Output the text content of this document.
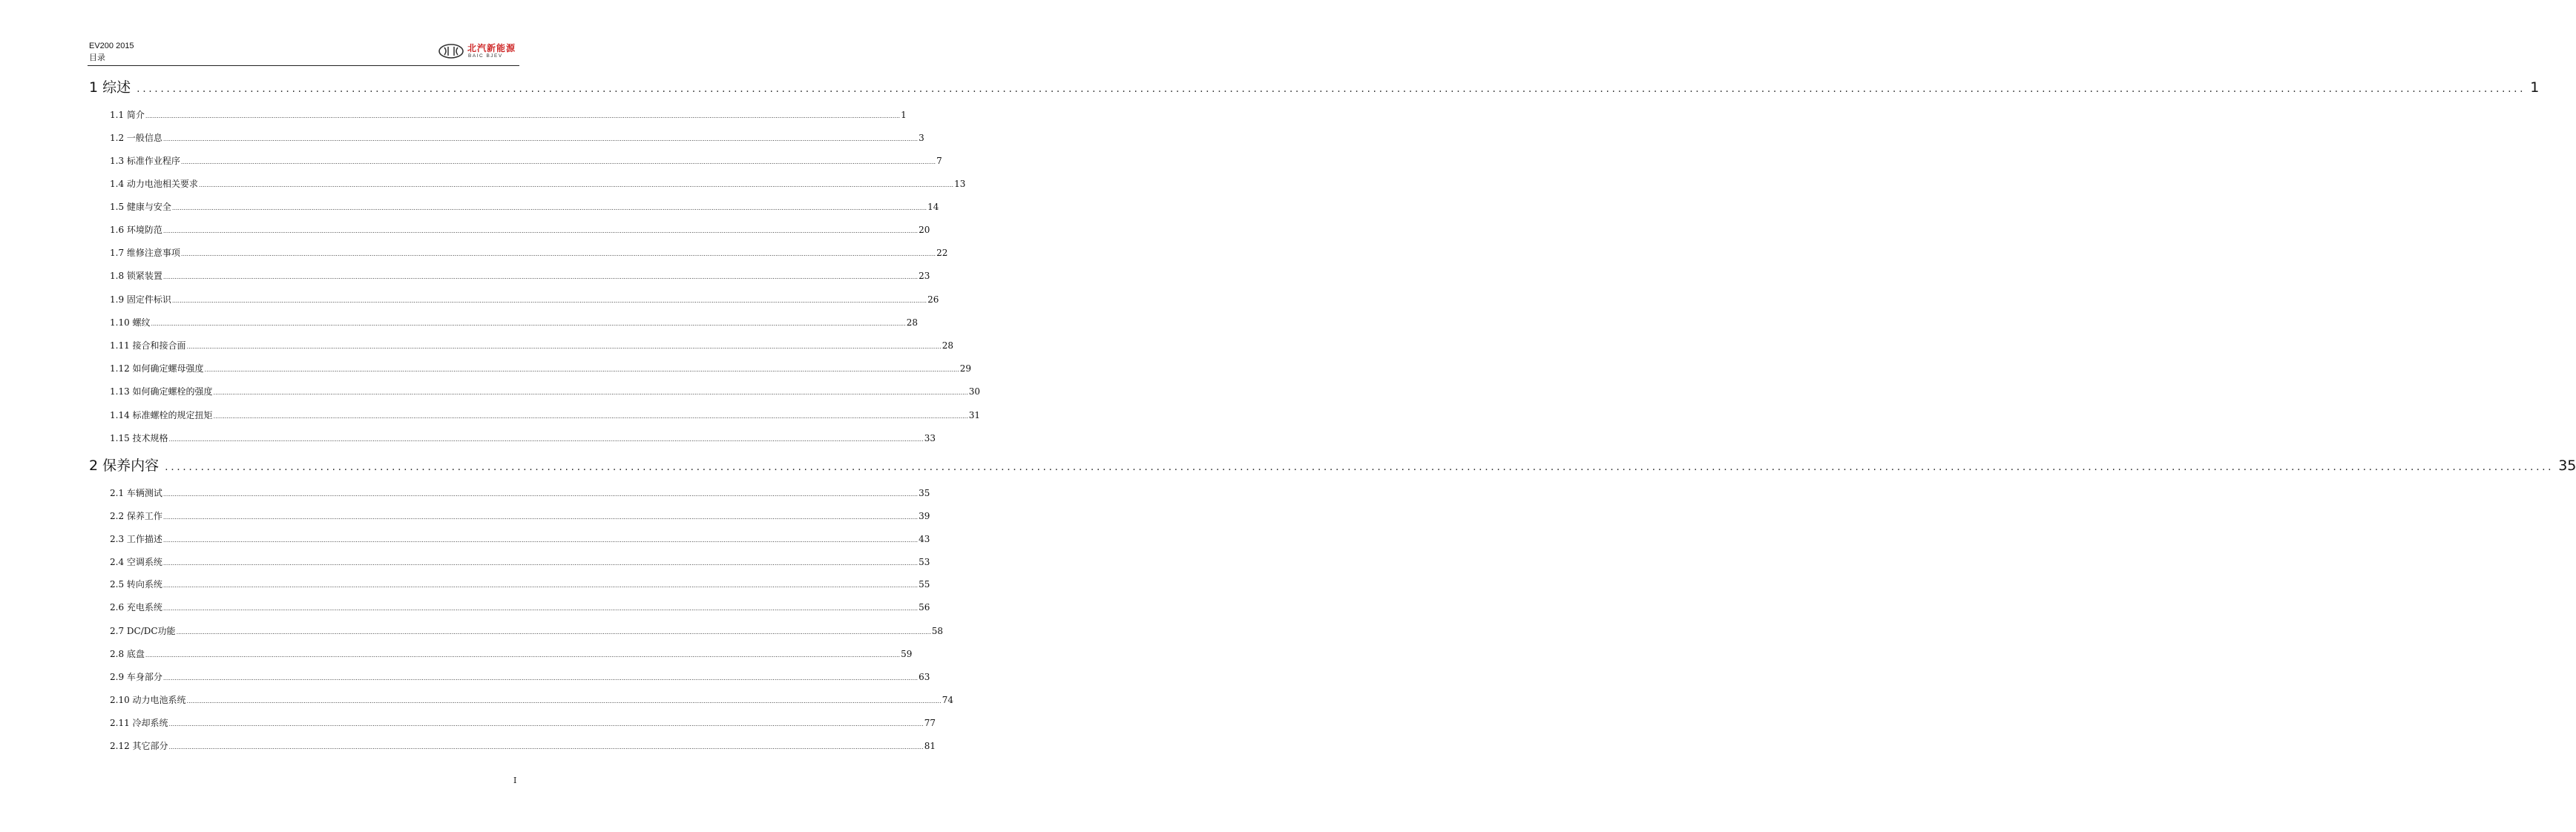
EV200 2015
目录
北汽新能源
BAIC BJEV
1 综述 ................................................................................................................................................................................................................................................................................................................................................................................................................ 1
1.1 简介 ................................................................................................................................................................................................................................................................................................................................................................................................................ 1
1.2 一般信息 ................................................................................................................................................................................................................................................................................................................................................................................................................ 3
1.3 标准作业程序 ................................................................................................................................................................................................................................................................................................................................................................................................................ 7
1.4 动力电池相关要求 ................................................................................................................................................................................................................................................................................................................................................................................................................ 13
1.5 健康与安全 ................................................................................................................................................................................................................................................................................................................................................................................................................ 14
1.6 环境防范 ................................................................................................................................................................................................................................................................................................................................................................................................................ 20
1.7 维修注意事项 ................................................................................................................................................................................................................................................................................................................................................................................................................ 22
1.8 锁紧装置 ................................................................................................................................................................................................................................................................................................................................................................................................................ 23
1.9 固定件标识 ................................................................................................................................................................................................................................................................................................................................................................................................................ 26
1.10 螺纹 ................................................................................................................................................................................................................................................................................................................................................................................................................ 28
1.11 接合和接合面 ................................................................................................................................................................................................................................................................................................................................................................................................................ 28
1.12 如何确定螺母强度 ................................................................................................................................................................................................................................................................................................................................................................................................................ 29
1.13 如何确定螺栓的强度 ................................................................................................................................................................................................................................................................................................................................................................................................................ 30
1.14 标准螺栓的规定扭矩 ................................................................................................................................................................................................................................................................................................................................................................................................................ 31
1.15 技术规格 ................................................................................................................................................................................................................................................................................................................................................................................................................ 33
2 保养内容 ................................................................................................................................................................................................................................................................................................................................................................................................................ 35
2.1 车辆测试 ................................................................................................................................................................................................................................................................................................................................................................................................................ 35
2.2 保养工作 ................................................................................................................................................................................................................................................................................................................................................................................................................ 39
2.3 工作描述 ................................................................................................................................................................................................................................................................................................................................................................................................................ 43
2.4 空调系统 ................................................................................................................................................................................................................................................................................................................................................................................................................ 53
2.5 转向系统 ................................................................................................................................................................................................................................................................................................................................................................................................................ 55
2.6 充电系统 ................................................................................................................................................................................................................................................................................................................................................................................................................ 56
2.7 DC/DC功能 ................................................................................................................................................................................................................................................................................................................................................................................................................ 58
2.8 底盘 ................................................................................................................................................................................................................................................................................................................................................................................................................ 59
2.9 车身部分 ................................................................................................................................................................................................................................................................................................................................................................................................................ 63
2.10 动力电池系统 ................................................................................................................................................................................................................................................................................................................................................................................................................ 74
2.11 冷却系统 ................................................................................................................................................................................................................................................................................................................................................................................................................ 77
2.12 其它部分 ................................................................................................................................................................................................................................................................................................................................................................................................................ 81
I
